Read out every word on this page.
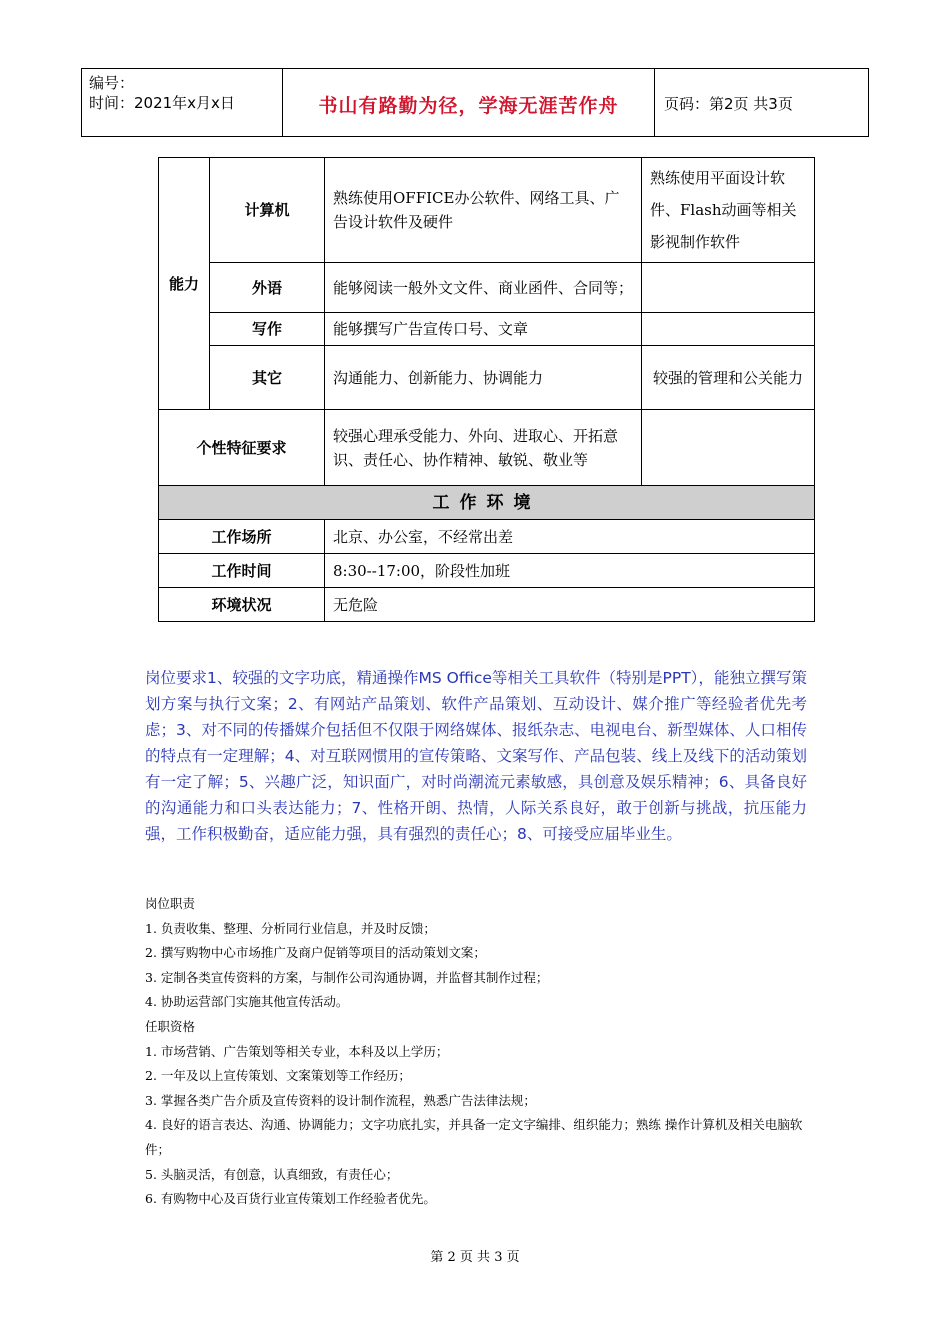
编号：
时间：2021年x月x日	书山有路勤为径，学海无涯苦作舟	页码：第2页 共3页
能力	计算机	熟练使用OFFICE办公软件、网络工具、广告设计软件及硬件	熟练使用平面设计软件、Flash动画等相关影视制作软件
	外语	能够阅读一般外文文件、商业函件、合同等；	
	写作	能够撰写广告宣传口号、文章	
	其它	沟通能力、创新能力、协调能力	较强的管理和公关能力
个性特征要求		较强心理承受能力、外向、进取心、开拓意识、责任心、协作精神、敏锐、敬业等	
工作环境			
工作场所		北京、办公室，不经常出差	
工作时间		8:30--17:00，阶段性加班	
环境状况		无危险	
岗位要求1、较强的文字功底，精通操作MS Office等相关工具软件（特别是PPT），能独立撰写策划方案与执行文案；2、有网站产品策划、软件产品策划、互动设计、媒介推广等经验者优先考虑；3、对不同的传播媒介包括但不仅限于网络媒体、报纸杂志、电视电台、新型媒体、人口相传的特点有一定理解；4、对互联网惯用的宣传策略、文案写作、产品包装、线上及线下的活动策划有一定了解；5、兴趣广泛，知识面广，对时尚潮流元素敏感，具创意及娱乐精神；6、具备良好的沟通能力和口头表达能力；7、性格开朗、热情，人际关系良好，敢于创新与挑战，抗压能力强，工作积极勤奋，适应能力强，具有强烈的责任心；8、可接受应届毕业生。
岗位职责
1. 负责收集、整理、分析同行业信息，并及时反馈；
2. 撰写购物中心市场推广及商户促销等项目的活动策划文案；
3. 定制各类宣传资料的方案，与制作公司沟通协调，并监督其制作过程；
4. 协助运营部门实施其他宣传活动。
任职资格
1. 市场营销、广告策划等相关专业，本科及以上学历；
2. 一年及以上宣传策划、文案策划等工作经历；
3. 掌握各类广告介质及宣传资料的设计制作流程，熟悉广告法律法规；
4. 良好的语言表达、沟通、协调能力；文字功底扎实，并具备一定文字编排、组织能力；熟练 操作计算机及相关电脑软件；
5. 头脑灵活，有创意，认真细致，有责任心；
6. 有购物中心及百货行业宣传策划工作经验者优先。
第 2 页 共 3 页
